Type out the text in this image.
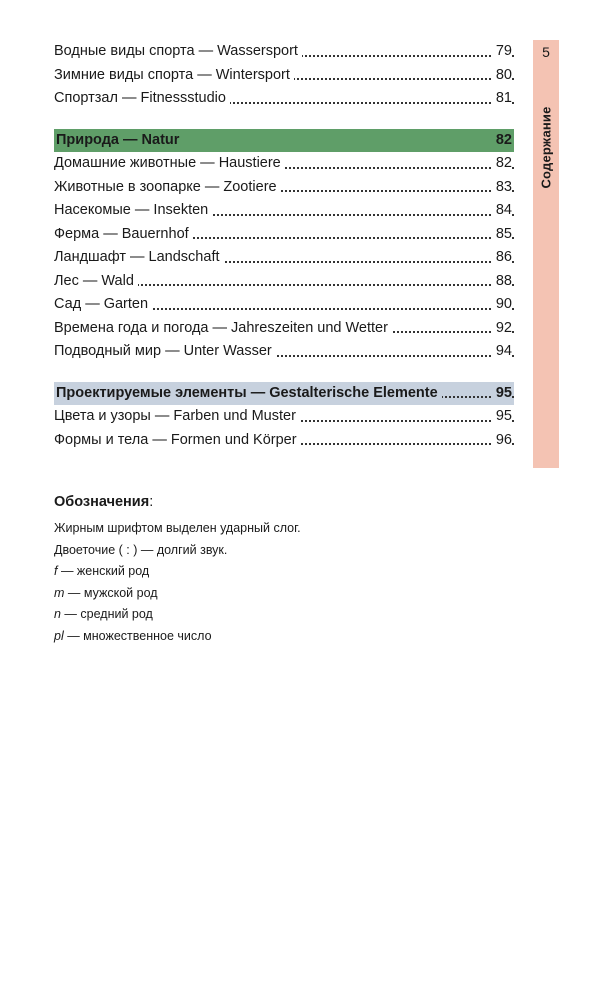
Водные виды спорта — Wassersport	79
Зимние виды спорта — Wintersport	80
Спортзал — Fitnessstudio	81
Природа — Natur	82
Домашние животные — Haustiere	82
Животные в зоопарке — Zootiere	83
Насекомые — Insekten	84
Ферма — Bauernhof	85
Ландшафт — Landschaft	86
Лес — Wald	88
Сад — Garten	90
Времена года и погода — Jahreszeiten und Wetter	92
Подводный мир — Unter Wasser	94
Проектируемые элементы — Gestalterische Elemente	95
Цвета и узоры — Farben und Muster	95
Формы и тела — Formen und Körper	96
5
Содержание
Обозначения:
Жирным шрифтом выделен ударный слог.
Двоеточие ( : ) — долгий звук.
f — женский род
m — мужской род
n — средний род
pl — множественное число
